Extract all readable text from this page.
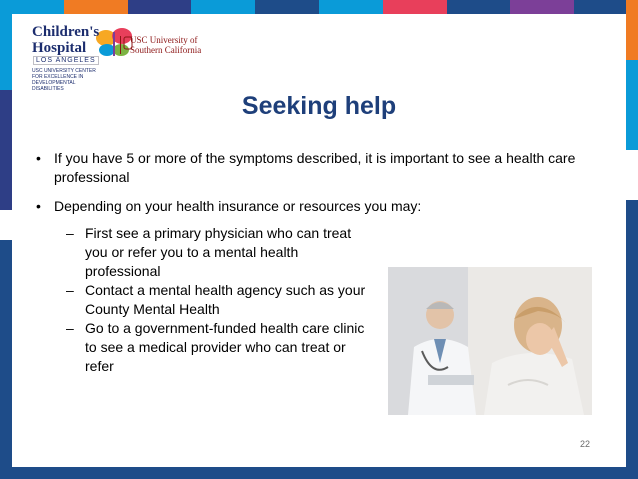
Children's
Hospital
LOS ANGELES
USC UNIVERSITY CENTER
FOR EXCELLENCE IN
DEVELOPMENTAL DISABILITIES
USC University of
Southern California
Seeking help
• If you have 5 or more of the symptoms described, it is important to see a health care professional
• Depending on your health insurance or resources you may:
– First see a primary physician who can treat you or refer you to a mental health professional
– Contact a mental health agency such as your County Mental Health
– Go to a government-funded health care clinic to see a medical provider who can treat or refer
22
